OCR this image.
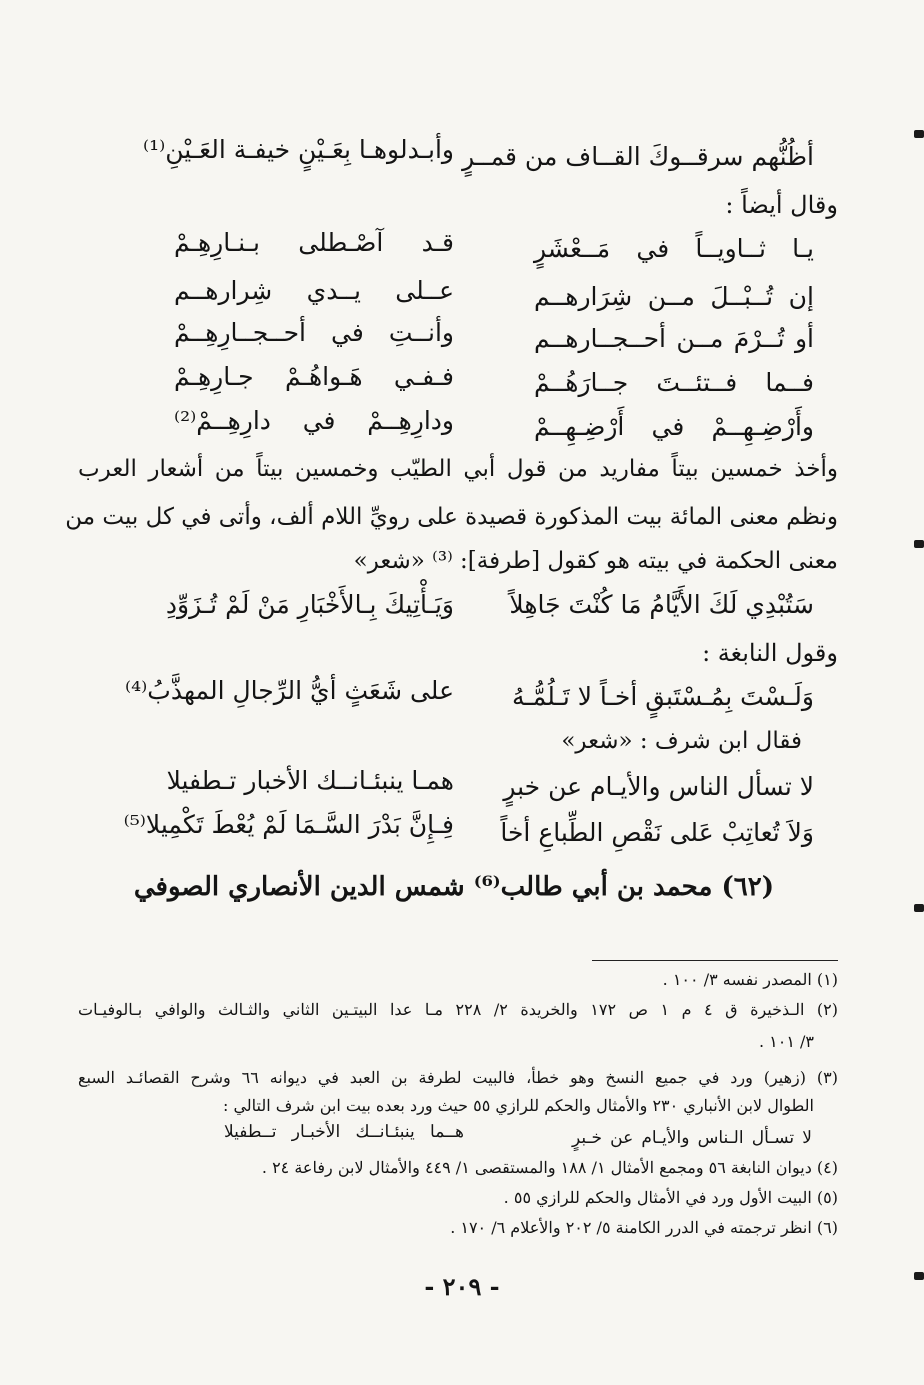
أظُنُّهم سرقــوكَ القــاف من قمــرٍ
وأبـدلوهـا بِعَـيْنٍ خيفـة العَـيْنِ⁽¹⁾
وقال أيضاً :
يـا ثــاويــاً في مَــعْشَرٍ
قـد آصْـطلى بـنـارِهِـمْ
إن تُــبْــلَ مــن شِرَارهــم
عــلى يــدي شِرارهــم
أو تُــرْمَ مــن أحــجــارهــم
وأنــتِ في أحــجــارِهِــمْ
فــما فــتئــتَ جــارَهُــمْ
فـفـي هَـواهُـمْ جـارِهِـمْ
وأَرْضِـهِــمْ في أَرْضِـهِــمْ
ودارِهِــمْ في دارِهِــمْ⁽²⁾
وأخذ خمسين بيتاً مفاريد من قول أبي الطيّب وخمسين بيتاً من أشعار العرب
ونظم معنى المائة بيت المذكورة قصيدة على رويِّ اللام ألف، وأتى في كل بيت من
معنى الحكمة في بيته هو كقول [طرفة]: ⁽³⁾ «شعر»
سَتُبْدِي لَكَ الأَيَّامُ مَا كُنْتَ جَاهِلاً
وَيَـأْتِيكَ بِـالأَخْبَارِ مَنْ لَمْ تُـزَوِّدِ
وقول النابغة :
وَلَـسْتَ بِمُـسْتَبقٍ أخـاً لا تَـلُمُّـهُ
على شَعَثٍ أيُّ الرِّجالِ المهذَّبُ⁽⁴⁾
فقال ابن شرف : «شعر»
لا تسأل الناس والأيـام عن خبرٍ
همـا ينبئـانــك الأخبار تـطفيلا
وَلاَ تُعاتِبْ عَلى نَقْصِ الطِّباعِ أخاً
فِـإِنَّ بَدْرَ السَّـمَا لَمْ يُعْطَ تَكْمِيلا⁽⁵⁾
(٦٢) محمد بن أبي طالب⁽⁶⁾ شمس الدين الأنصاري الصوفي
(١) المصدر نفسه ٣/ ١٠٠ .
(٢) الـذخيرة ق ٤ م ١ ص ١٧٢ والخريدة ٢/ ٢٢٨ مـا عدا البيتـين الثاني والثـالث والوافي بـالوفيـات
٣/ ١٠١ .
(٣) (زهير) ورد في جميع النسخ وهو خطأ، فالبيت لطرفة بن العبد في ديوانه ٦٦ وشرح القصائـد السبع
الطوال لابن الأنباري ٢٣٠ والأمثال والحكم للرازي ٥٥ حيث ورد بعده بيت ابن شرف التالي :
لا تسـأل الـناس والأيـام عن خـبرٍ
هــما ينبئـانــك الأخبـار تــطفيلا
(٤) ديوان النابغة ٥٦ ومجمع الأمثال ١/ ١٨٨ والمستقصى ١/ ٤٤٩ والأمثال لابن رفاعة ٢٤ .
(٥) البيت الأول ورد في الأمثال والحكم للرازي ٥٥ .
(٦) انظر ترجمته في الدرر الكامنة ٥/ ٢٠٢ والأعلام ٦/ ١٧٠ .
- ٢٠٩ -
